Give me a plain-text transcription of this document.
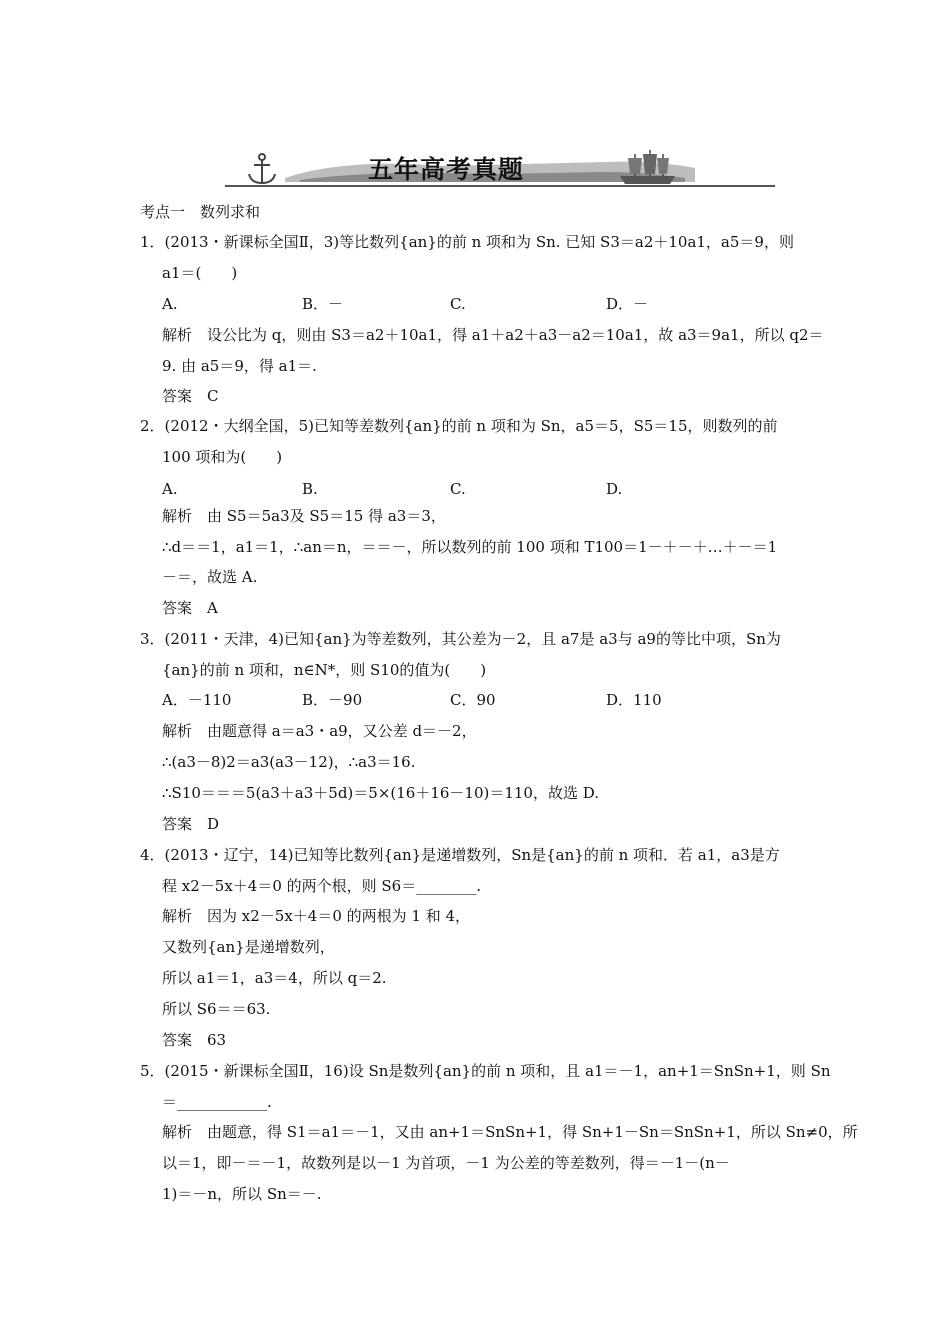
五年高考真题
考点一　数列求和
1．(2013・新课标全国Ⅱ，3)等比数列{an}的前 n 项和为 Sn. 已知 S3＝a2＋10a1，a5＝9，则
a1＝(　　)
A.	B．－	C.	D．－
解析　设公比为 q，则由 S3＝a2＋10a1，得 a1＋a2＋a3－a2＝10a1，故 a3＝9a1，所以 q2＝
9. 由 a5＝9，得 a1＝.
答案　C
2．(2012・大纲全国，5)已知等差数列{an}的前 n 项和为 Sn，a5＝5，S5＝15，则数列的前
100 项和为(　　)
A.	B.	C.	D.
解析　由 S5＝5a3及 S5＝15 得 a3＝3，
∴d＝＝1，a1＝1，∴an＝n，＝＝－，所以数列的前 100 项和 T100＝1－＋－＋…＋－＝1
－＝，故选 A.
答案　A
3．(2011・天津，4)已知{an}为等差数列，其公差为－2，且 a7是 a3与 a9的等比中项，Sn为
{an}的前 n 项和，n∈N*，则 S10的值为(　　)
A．－110	B．－90	C．90	D．110
解析　由题意得 a＝a3・a9，又公差 d＝－2，
∴(a3－8)2＝a3(a3－12)，∴a3＝16.
∴S10＝＝＝5(a3＋a3＋5d)＝5×(16＋16－10)＝110，故选 D.
答案　D
4．(2013・辽宁，14)已知等比数列{an}是递增数列，Sn是{an}的前 n 项和．若 a1，a3是方
程 x2－5x＋4＝0 的两个根，则 S6＝________.
解析　因为 x2－5x＋4＝0 的两根为 1 和 4，
又数列{an}是递增数列，
所以 a1＝1，a3＝4，所以 q＝2.
所以 S6＝＝63.
答案　63
5．(2015・新课标全国Ⅱ，16)设 Sn是数列{an}的前 n 项和，且 a1＝－1，an+1＝SnSn+1，则 Sn
＝____________.
解析　由题意，得 S1＝a1＝－1，又由 an+1＝SnSn+1，得 Sn+1－Sn＝SnSn+1，所以 Sn≠0，所
以＝1，即－＝－1，故数列是以－1 为首项，－1 为公差的等差数列，得＝－1－(n－
1)＝－n，所以 Sn＝－.
